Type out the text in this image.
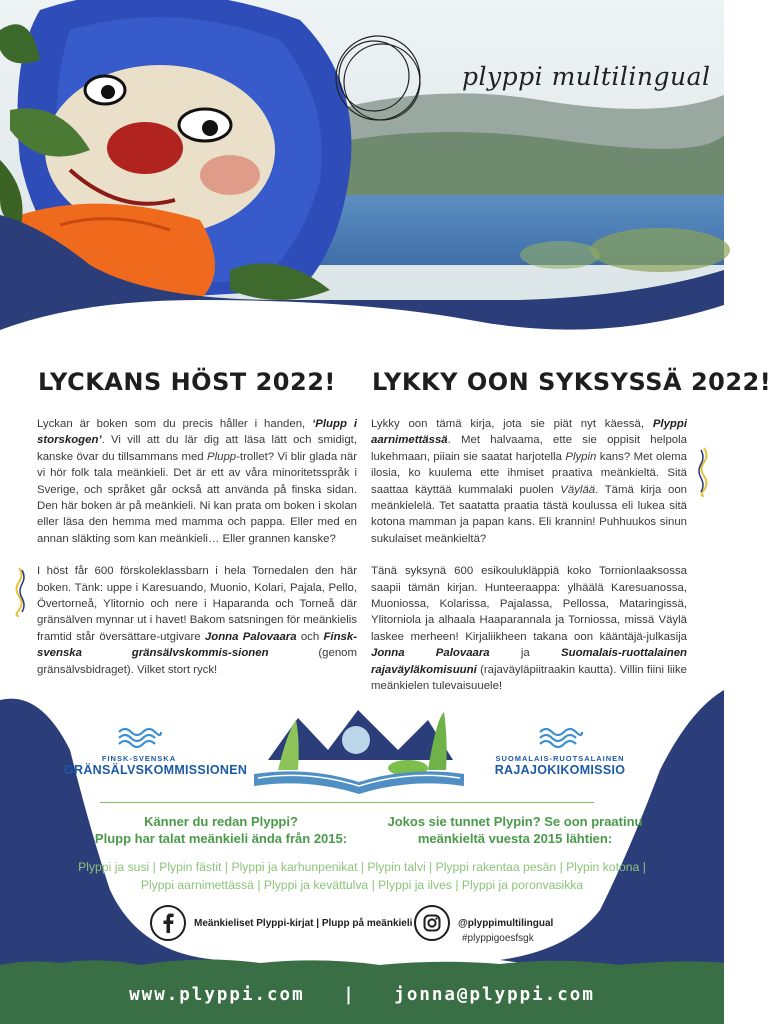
plyppi multilingual
LYCKANS HÖST 2022! LYKKY OON SYKSYSSÄ 2022!

Lyckan är boken som du precis håller i handen, ‘Plupp i storskogen’. Vi vill att du lär dig att läsa lätt och smidigt, kanske övar du tillsammans med Plupp-trollet? Vi blir glada när vi hör folk tala meänkieli. Det är ett av våra minoritetsspråk i Sverige, och språket går också att använda på finska sidan. Den här boken är på meänkieli. Ni kan prata om boken i skolan eller läsa den hemma med mamma och pappa. Eller med en annan släkting som kan meänkieli… Eller grannen kanske?

I höst får 600 förskoleklassbarn i hela Tornedalen den här boken. Tänk: uppe i Karesuando, Muonio, Kolari, Pajala, Pello, Övertorneå, Ylitornio och nere i Haparanda och Torneå där gränsälven mynnar ut i havet! Bakom satsningen för meänkielis framtid står översättare-utgivare Jonna Palovaara och Finsk-svenska gränsälvskommis-sionen (genom gränsälvsbidraget). Vilket stort ryck!

Lykky oon tämä kirja, jota sie piät nyt käessä, Plyppi aarnimettässä. Met halvaama, ette sie oppisit helpola lukehmaan, piiain sie saatat harjotella Plypin kans? Met olema ilosia, ko kuulema ette ihmiset praativa meänkieltä. Sitä saattaa käyttää kummalaki puolen Väylää. Tämä kirja oon meänkielelä. Tet saatatta praatia tästä koulussa eli lukea sitä kotona mamman ja papan kans. Eli krannin! Puhhuukos sinun sukulaiset meänkieltä?

Tänä syksynä 600 esikoulukläppiä koko Tornionlaaksossa saapii tämän kirjan. Hunteeraappa: ylhäälä Karesuanossa, Muoniossa, Kolarissa, Pajalassa, Pellossa, Mataringissä, Ylitorniola ja alhaala Haaparannala ja Torniossa, missä Väylä laskee merheen! Kirjaliikheen takana oon kääntäjä-julkasija Jonna Palovaara ja Suomalais-ruottalainen rajaväyläkomisuuni (rajaväyläpiitraakin kautta). Villin fiini liike meänkielen tulevaisuuele!

FINSK-SVENSKA
GRÄNSÄLVSKOMMISSIONEN
SUOMALAIS-RUOTSALAINEN
RAJAJOKIKOMISSIO
Känner du redan Plyppi?
Plupp har talat meänkieli ända från 2015:
Jokos sie tunnet Plypin? Se oon praatinu
meänkieltä vuesta 2015 lähtien:
Plyppi ja susi | Plypin fästit | Plyppi ja karhunpenikat | Plypin talvi | Plyppi rakentaa pesän | Plypin kotona | Plyppi aarnimettässä | Plyppi ja kevättulva | Plyppi ja ilves | Plyppi ja poronvasikka
Meänkieliset Plyppi-kirjat | Plupp på meänkieli	@plyppimultilingual
#plyppigoesfsgk
www.plyppi.com | jonna@plyppi.com
